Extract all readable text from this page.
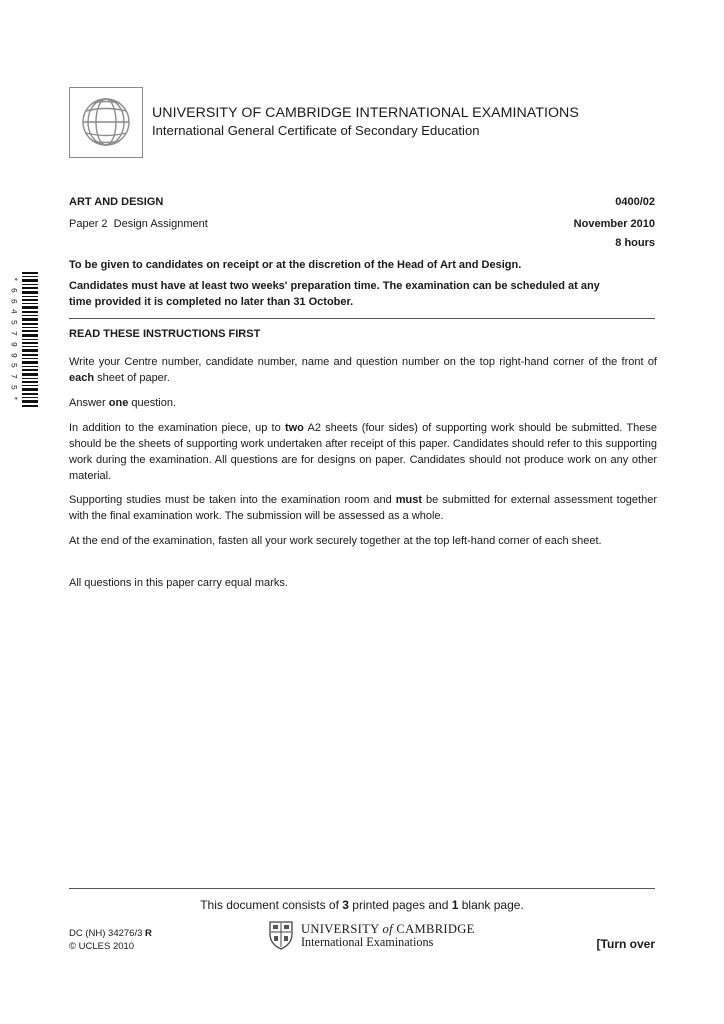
UNIVERSITY OF CAMBRIDGE INTERNATIONAL EXAMINATIONS
International General Certificate of Secondary Education
ART AND DESIGN	0400/02
Paper 2 Design Assignment	November 2010
8 hours
*
6
6
4
5
7
9
9
5
7
5
*
To be given to candidates on receipt or at the discretion of the Head of Art and Design.
Candidates must have at least two weeks' preparation time. The examination can be scheduled at any
time provided it is completed no later than 31 October.
READ THESE INSTRUCTIONS FIRST

Write your Centre number, candidate number, name and question number on the top right-hand corner of the front of each sheet of paper.

Answer one question.

In addition to the examination piece, up to two A2 sheets (four sides) of supporting work should be submitted. These should be the sheets of supporting work undertaken after receipt of this paper. Candidates should refer to this supporting work during the examination. All questions are for designs on paper. Candidates should not produce work on any other material.

Supporting studies must be taken into the examination room and must be submitted for external assessment together with the final examination work. The submission will be assessed as a whole.

At the end of the examination, fasten all your work securely together at the top left-hand corner of each sheet.

All questions in this paper carry equal marks.

This document consists of 3 printed pages and 1 blank page.
DC (NH) 34276/3 R
© UCLES 2010
UNIVERSITY of CAMBRIDGE
International Examinations	[Turn over
